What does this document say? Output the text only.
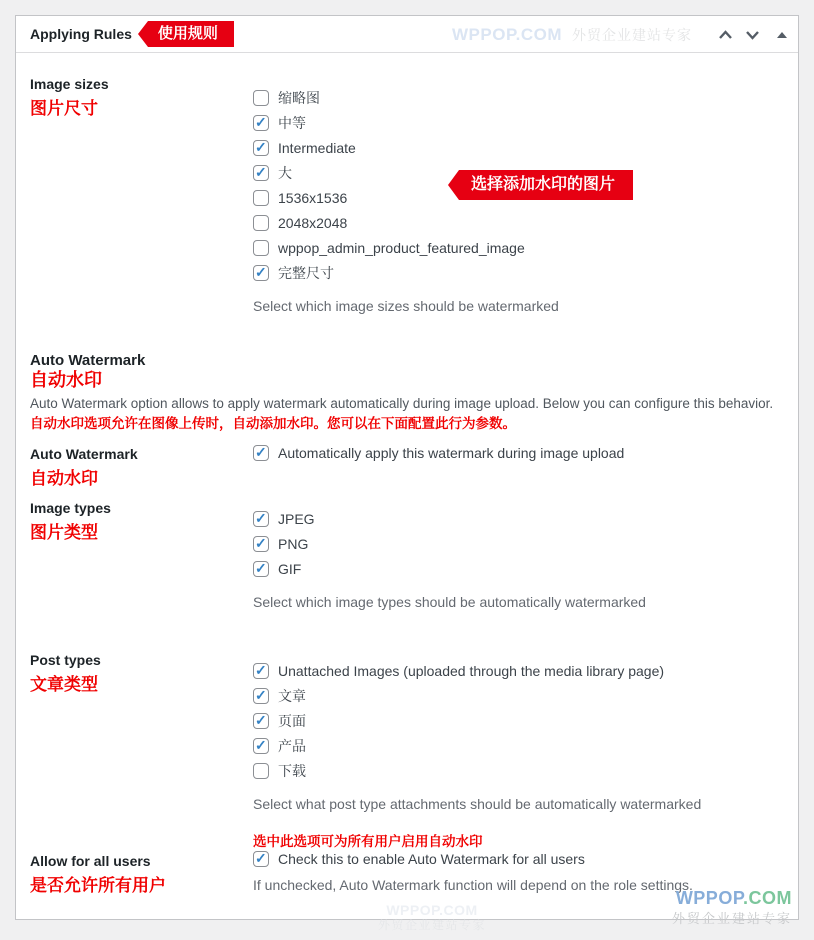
Applying Rules	使用规则	WPPOP.COM 外贸企业建站专家
Image sizes
图片尺寸
缩略图
✓
中等
✓
Intermediate
✓
大
1536x1536
2048x2048
wppop_admin_product_featured_image
✓
完整尺寸
Select which image sizes should be watermarked
Auto Watermark
自动水印
Auto Watermark option allows to apply watermark automatically during image upload. Below you can configure this behavior.
自动水印选项允许在图像上传时，自动添加水印。您可以在下面配置此行为参数。
Auto Watermark
自动水印
✓
Automatically apply this watermark during image upload
Image types
图片类型
✓
JPEG
✓
PNG
✓
GIF
Select which image types should be automatically watermarked
Post types
文章类型
✓
Unattached Images (uploaded through the media library page)
✓
文章
✓
页面
✓
产品
下载
Select what post type attachments should be automatically watermarked
Allow for all users
是否允许所有用户
选中此选项可为所有用户启用自动水印
✓
Check this to enable Auto Watermark for all users
If unchecked, Auto Watermark function will depend on the role settings.
选择添加水印的图片
WPPOP.COM
外贸企业建站专家
WPPOP.COM
外贸企业建站专家
